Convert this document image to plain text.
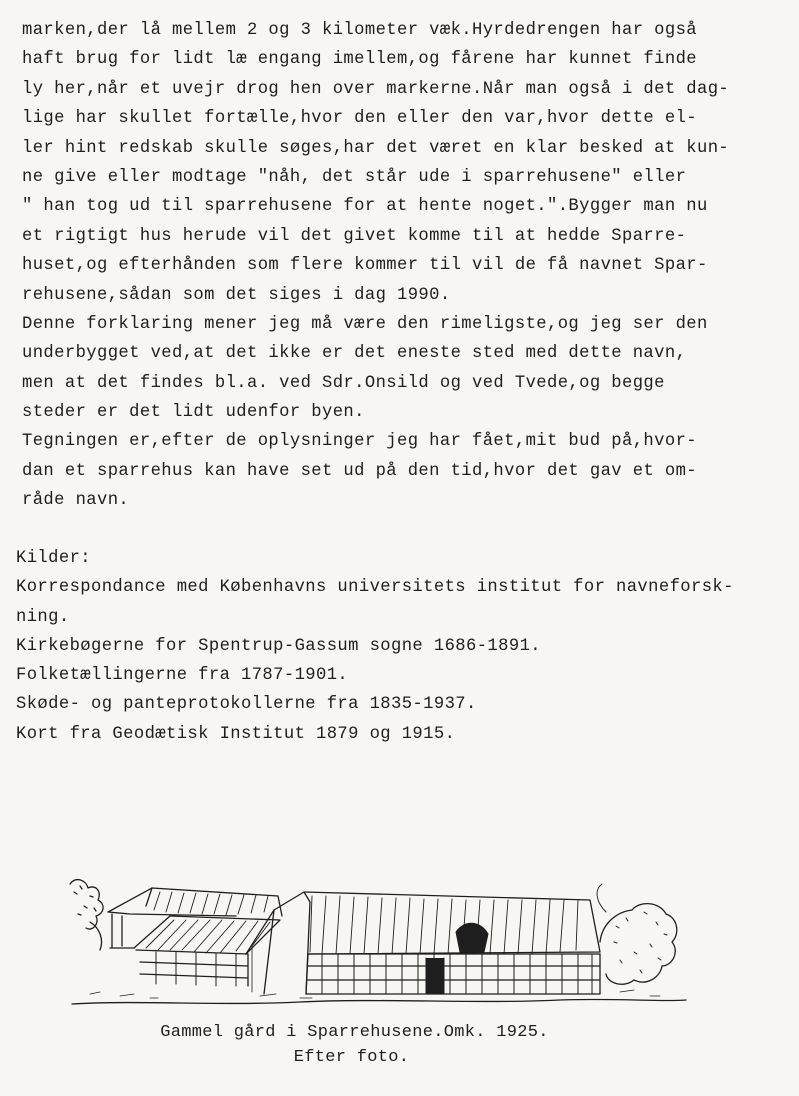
marken,der lå mellem 2 og 3 kilometer væk.Hyrdedrengen har også
haft brug for lidt læ engang imellem,og fårene har kunnet finde
ly her,når et uvejr drog hen over markerne.Når man også i det dag-
lige har skullet fortælle,hvor den eller den var,hvor dette el-
ler hint redskab skulle søges,har det været en klar besked at kun-
ne give eller modtage "nåh, det står ude i sparrehusene" eller
" han tog ud til sparrehusene for at hente noget.".Bygger man nu
et rigtigt hus herude vil det givet komme til at hedde Sparre-
huset,og efterhånden som flere kommer til vil de få navnet Spar-
rehusene,sådan som det siges i dag 1990.
Denne forklaring mener jeg må være den rimeligste,og jeg ser den
underbygget ved,at det ikke er det eneste sted med dette navn,
men at det findes bl.a. ved Sdr.Onsild og ved Tvede,og begge
steder er det lidt udenfor byen.
Tegningen er,efter de oplysninger jeg har fået,mit bud på,hvor-
dan et sparrehus kan have set ud på den tid,hvor det gav et om-
råde navn.
Kilder:
Korrespondance med Københavns universitets institut for navneforsk-
ning.
Kirkebøgerne for Spentrup-Gassum sogne 1686-1891.
Folketællingerne fra 1787-1901.
Skøde- og panteprotokollerne fra 1835-1937.
Kort fra Geodætisk Institut 1879 og 1915.
Gammel gård i Sparrehusene.Omk. 1925.
Efter foto.
